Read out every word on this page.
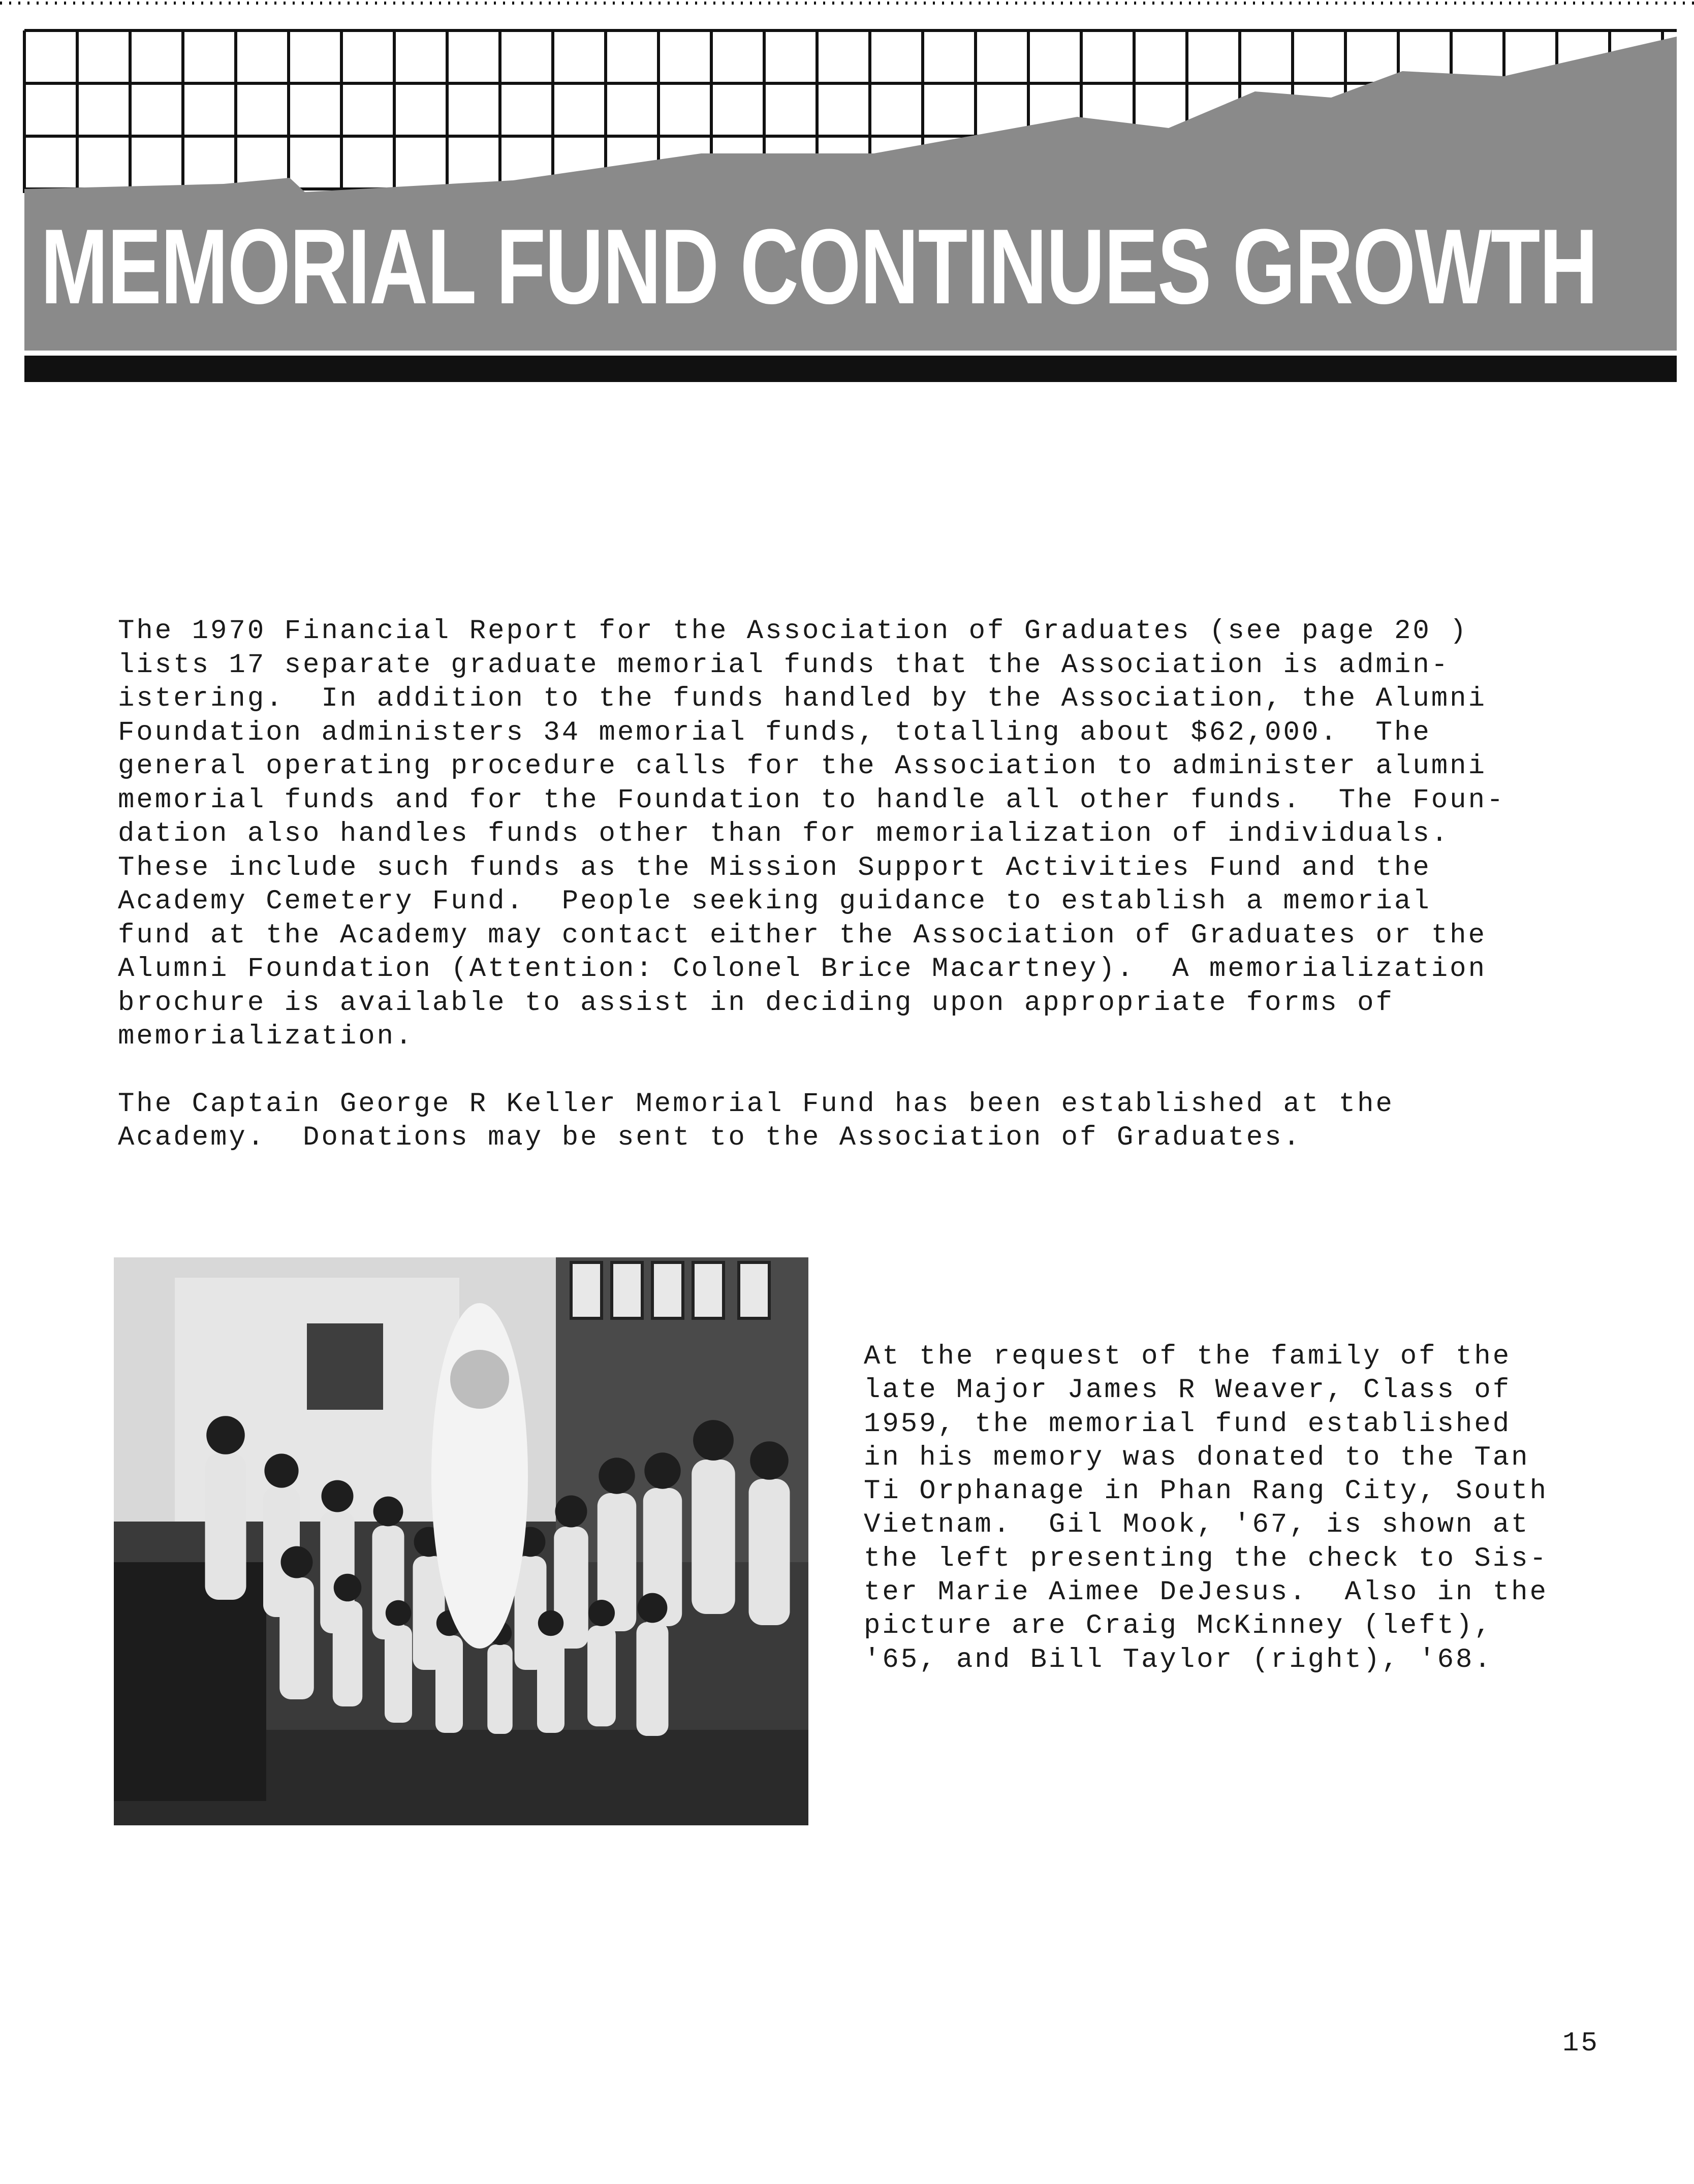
MEMORIAL FUND CONTINUES GROWTH

The 1970 Financial Report for the Association of Graduates (see page 20 )
lists 17 separate graduate memorial funds that the Association is admin-
istering.  In addition to the funds handled by the Association, the Alumni
Foundation administers 34 memorial funds, totalling about $62,000.  The
general operating procedure calls for the Association to administer alumni
memorial funds and for the Foundation to handle all other funds.  The Foun-
dation also handles funds other than for memorialization of individuals.
These include such funds as the Mission Support Activities Fund and the
Academy Cemetery Fund.  People seeking guidance to establish a memorial
fund at the Academy may contact either the Association of Graduates or the
Alumni Foundation (Attention: Colonel Brice Macartney).  A memorialization
brochure is available to assist in deciding upon appropriate forms of
memorialization.

The Captain George R Keller Memorial Fund has been established at the
Academy.  Donations may be sent to the Association of Graduates.

At the request of the family of the
late Major James R Weaver, Class of
1959, the memorial fund established
in his memory was donated to the Tan
Ti Orphanage in Phan Rang City, South
Vietnam.  Gil Mook, '67, is shown at
the left presenting the check to Sis-
ter Marie Aimee DeJesus.  Also in the
picture are Craig McKinney (left),
'65, and Bill Taylor (right), '68.
15
